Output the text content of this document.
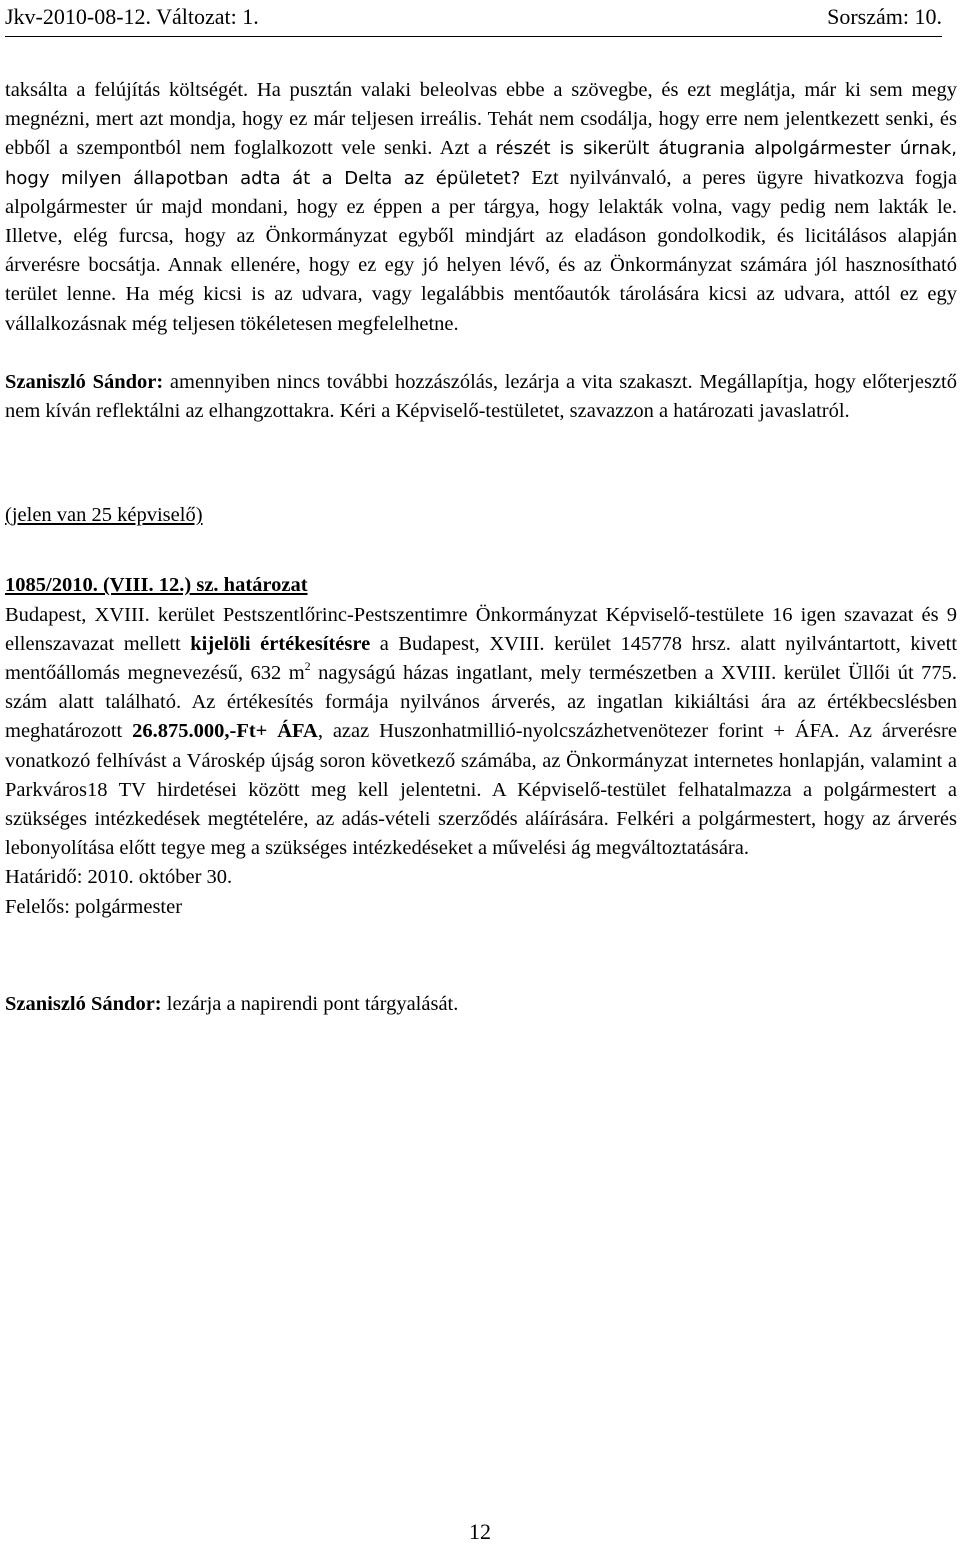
Jkv-2010-08-12. Változat: 1.	Sorszám: 10.

taksálta a felújítás költségét. Ha pusztán valaki beleolvas ebbe a szövegbe, és ezt meglátja, már ki sem megy megnézni, mert azt mondja, hogy ez már teljesen irreális. Tehát nem csodálja, hogy erre nem jelentkezett senki, és ebből a szempontból nem foglalkozott vele senki. Azt a részét is sikerült átugrania alpolgármester úrnak, hogy milyen állapotban adta át a Delta az épületet? Ezt nyilvánvaló, a peres ügyre hivatkozva fogja alpolgármester úr majd mondani, hogy ez éppen a per tárgya, hogy lelakták volna, vagy pedig nem lakták le. Illetve, elég furcsa, hogy az Önkormányzat egyből mindjárt az eladáson gondolkodik, és licitálásos alapján árverésre bocsátja. Annak ellenére, hogy ez egy jó helyen lévő, és az Önkormányzat számára jól hasznosítható terület lenne. Ha még kicsi is az udvara, vagy legalábbis mentőautók tárolására kicsi az udvara, attól ez egy vállalkozásnak még teljesen tökéletesen megfelelhetne.

Szaniszló Sándor: amennyiben nincs további hozzászólás, lezárja a vita szakaszt. Megállapítja, hogy előterjesztő nem kíván reflektálni az elhangzottakra. Kéri a Képviselő-testületet, szavazzon a határozati javaslatról.

(jelen van 25 képviselő)

1085/2010. (VIII. 12.) sz. határozat

Budapest, XVIII. kerület Pestszentlőrinc-Pestszentimre Önkormányzat Képviselő-testülete 16 igen szavazat és 9 ellenszavazat mellett kijelöli értékesítésre a Budapest, XVIII. kerület 145778 hrsz. alatt nyilvántartott, kivett mentőállomás megnevezésű, 632 $m^2$ nagyságú házas ingatlant, mely természetben a XVIII. kerület Üllői út 775. szám alatt található. Az értékesítés formája nyilvános árverés, az ingatlan kikiáltási ára az értékbecslésben meghatározott 26.875.000,-Ft+ ÁFA, azaz Huszonhatmillió-nyolcszázhetvenötezer forint + ÁFA. Az árverésre vonatkozó felhívást a Városkép újság soron következő számába, az Önkormányzat internetes honlapján, valamint a Parkváros18 TV hirdetései között meg kell jelentetni. A Képviselő-testület felhatalmazza a polgármestert a szükséges intézkedések megtételére, az adás-vételi szerződés aláírására. Felkéri a polgármestert, hogy az árverés lebonyolítása előtt tegye meg a szükséges intézkedéseket a művelési ág megváltoztatására.

Határidő: 2010. október 30.

Felelős: polgármester

Szaniszló Sándor: lezárja a napirendi pont tárgyalását.

12
